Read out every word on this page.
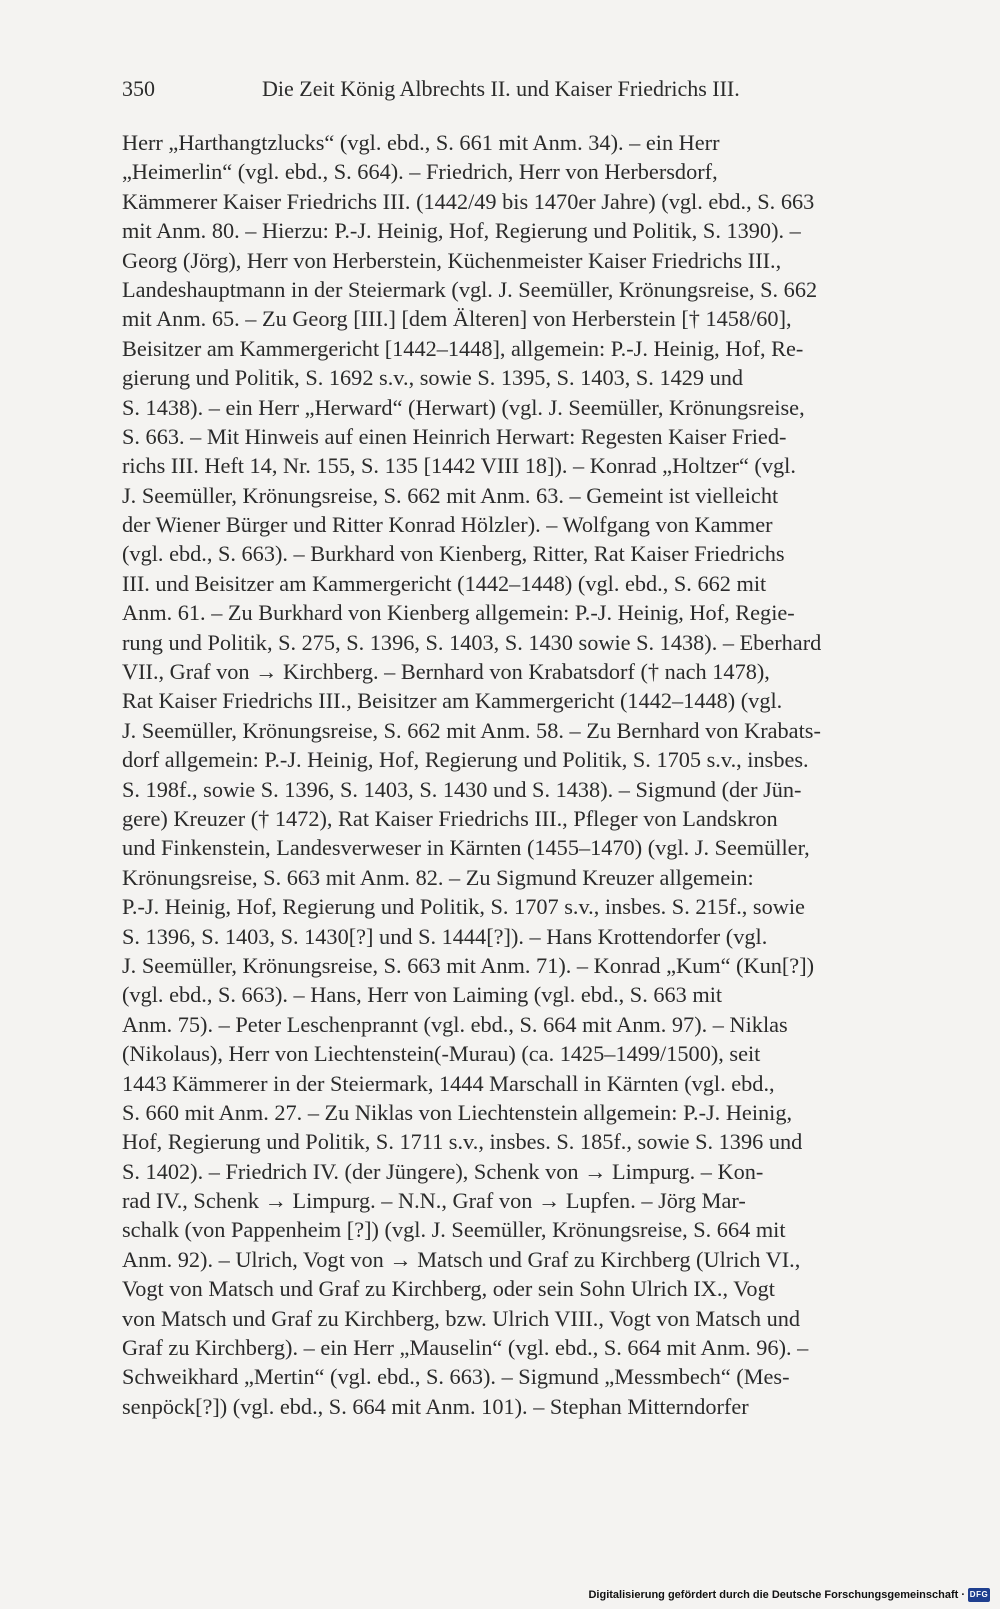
350	Die Zeit König Albrechts II. und Kaiser Friedrichs III.
Herr „Harthangtzlucks“ (vgl. ebd., S. 661 mit Anm. 34). – ein Herr
„Heimerlin“ (vgl. ebd., S. 664). – Friedrich, Herr von Herbersdorf,
Kämmerer Kaiser Friedrichs III. (1442/49 bis 1470er Jahre) (vgl. ebd., S. 663
mit Anm. 80. – Hierzu: P.-J. Heinig, Hof, Regierung und Politik, S. 1390). –
Georg (Jörg), Herr von Herberstein, Küchenmeister Kaiser Friedrichs III.,
Landeshauptmann in der Steiermark (vgl. J. Seemüller, Krönungsreise, S. 662
mit Anm. 65. – Zu Georg [III.] [dem Älteren] von Herberstein [† 1458/60],
Beisitzer am Kammergericht [1442–1448], allgemein: P.-J. Heinig, Hof, Re-
gierung und Politik, S. 1692 s.v., sowie S. 1395, S. 1403, S. 1429 und
S. 1438). – ein Herr „Herward“ (Herwart) (vgl. J. Seemüller, Krönungsreise,
S. 663. – Mit Hinweis auf einen Heinrich Herwart: Regesten Kaiser Fried-
richs III. Heft 14, Nr. 155, S. 135 [1442 VIII 18]). – Konrad „Holtzer“ (vgl.
J. Seemüller, Krönungsreise, S. 662 mit Anm. 63. – Gemeint ist vielleicht
der Wiener Bürger und Ritter Konrad Hölzler). – Wolfgang von Kammer
(vgl. ebd., S. 663). – Burkhard von Kienberg, Ritter, Rat Kaiser Friedrichs
III. und Beisitzer am Kammergericht (1442–1448) (vgl. ebd., S. 662 mit
Anm. 61. – Zu Burkhard von Kienberg allgemein: P.-J. Heinig, Hof, Regie-
rung und Politik, S. 275, S. 1396, S. 1403, S. 1430 sowie S. 1438). – Eberhard
VII., Graf von → Kirchberg. – Bernhard von Krabatsdorf († nach 1478),
Rat Kaiser Friedrichs III., Beisitzer am Kammergericht (1442–1448) (vgl.
J. Seemüller, Krönungsreise, S. 662 mit Anm. 58. – Zu Bernhard von Krabats-
dorf allgemein: P.-J. Heinig, Hof, Regierung und Politik, S. 1705 s.v., insbes.
S. 198f., sowie S. 1396, S. 1403, S. 1430 und S. 1438). – Sigmund (der Jün-
gere) Kreuzer († 1472), Rat Kaiser Friedrichs III., Pfleger von Landskron
und Finkenstein, Landesverweser in Kärnten (1455–1470) (vgl. J. Seemüller,
Krönungsreise, S. 663 mit Anm. 82. – Zu Sigmund Kreuzer allgemein:
P.-J. Heinig, Hof, Regierung und Politik, S. 1707 s.v., insbes. S. 215f., sowie
S. 1396, S. 1403, S. 1430[?] und S. 1444[?]). – Hans Krottendorfer (vgl.
J. Seemüller, Krönungsreise, S. 663 mit Anm. 71). – Konrad „Kum“ (Kun[?])
(vgl. ebd., S. 663). – Hans, Herr von Laiming (vgl. ebd., S. 663 mit
Anm. 75). – Peter Leschenprannt (vgl. ebd., S. 664 mit Anm. 97). – Niklas
(Nikolaus), Herr von Liechtenstein(-Murau) (ca. 1425–1499/1500), seit
1443 Kämmerer in der Steiermark, 1444 Marschall in Kärnten (vgl. ebd.,
S. 660 mit Anm. 27. – Zu Niklas von Liechtenstein allgemein: P.-J. Heinig,
Hof, Regierung und Politik, S. 1711 s.v., insbes. S. 185f., sowie S. 1396 und
S. 1402). – Friedrich IV. (der Jüngere), Schenk von → Limpurg. – Kon-
rad IV., Schenk → Limpurg. – N.N., Graf von → Lupfen. – Jörg Mar-
schalk (von Pappenheim [?]) (vgl. J. Seemüller, Krönungsreise, S. 664 mit
Anm. 92). – Ulrich, Vogt von → Matsch und Graf zu Kirchberg (Ulrich VI.,
Vogt von Matsch und Graf zu Kirchberg, oder sein Sohn Ulrich IX., Vogt
von Matsch und Graf zu Kirchberg, bzw. Ulrich VIII., Vogt von Matsch und
Graf zu Kirchberg). – ein Herr „Mauselin“ (vgl. ebd., S. 664 mit Anm. 96). –
Schweikhard „Mertin“ (vgl. ebd., S. 663). – Sigmund „Messmbech“ (Mes-
senpöck[?]) (vgl. ebd., S. 664 mit Anm. 101). – Stephan Mitterndorfer
Digitalisierung gefördert durch die Deutsche Forschungsgemeinschaft · DFG
